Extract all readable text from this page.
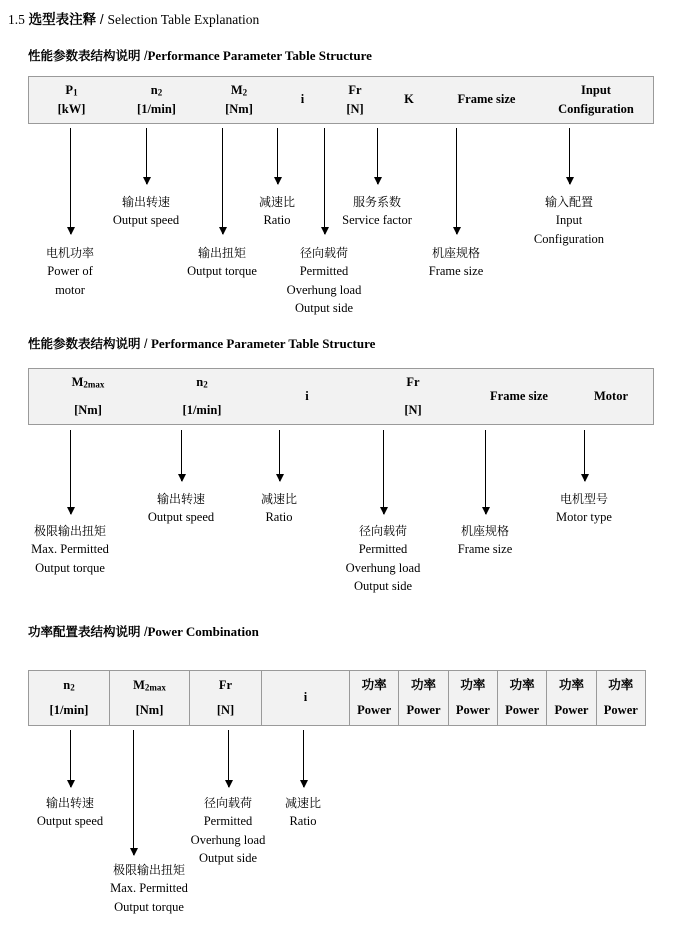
1.5 选型表注释 / Selection Table Explanation
性能参数表结构说明 /Performance Parameter Table Structure
P1
[kW]
n2
[1/min]
M2
[Nm]
i
Fr
[N]
K	Frame size
Input
Configuration
电机功率
Power of
motor
输出转速
Output speed
输出扭矩
Output torque
减速比
Ratio
径向载荷
Permitted
Overhung load
Output side
服务系数
Service factor
机座规格
Frame size
输入配置
Input
Configuration
性能参数表结构说明 / Performance Parameter Table Structure
M2max
[Nm]
n2
[1/min]
i
Fr
[N]
Frame size	Motor
极限输出扭矩
Max. Permitted
Output torque
输出转速
Output speed
减速比
Ratio
径向载荷
Permitted
Overhung load
Output side
机座规格
Frame size
电机型号
Motor type
功率配置表结构说明 /Power Combination
n2
[1/min]
M2max
[Nm]
Fr
[N]
i
功率
Power
功率
Power
功率
Power
功率
Power
功率
Power
功率
Power
输出转速
Output speed
极限输出扭矩
Max. Permitted
Output torque
径向载荷
Permitted
Overhung load
Output side
减速比
Ratio
